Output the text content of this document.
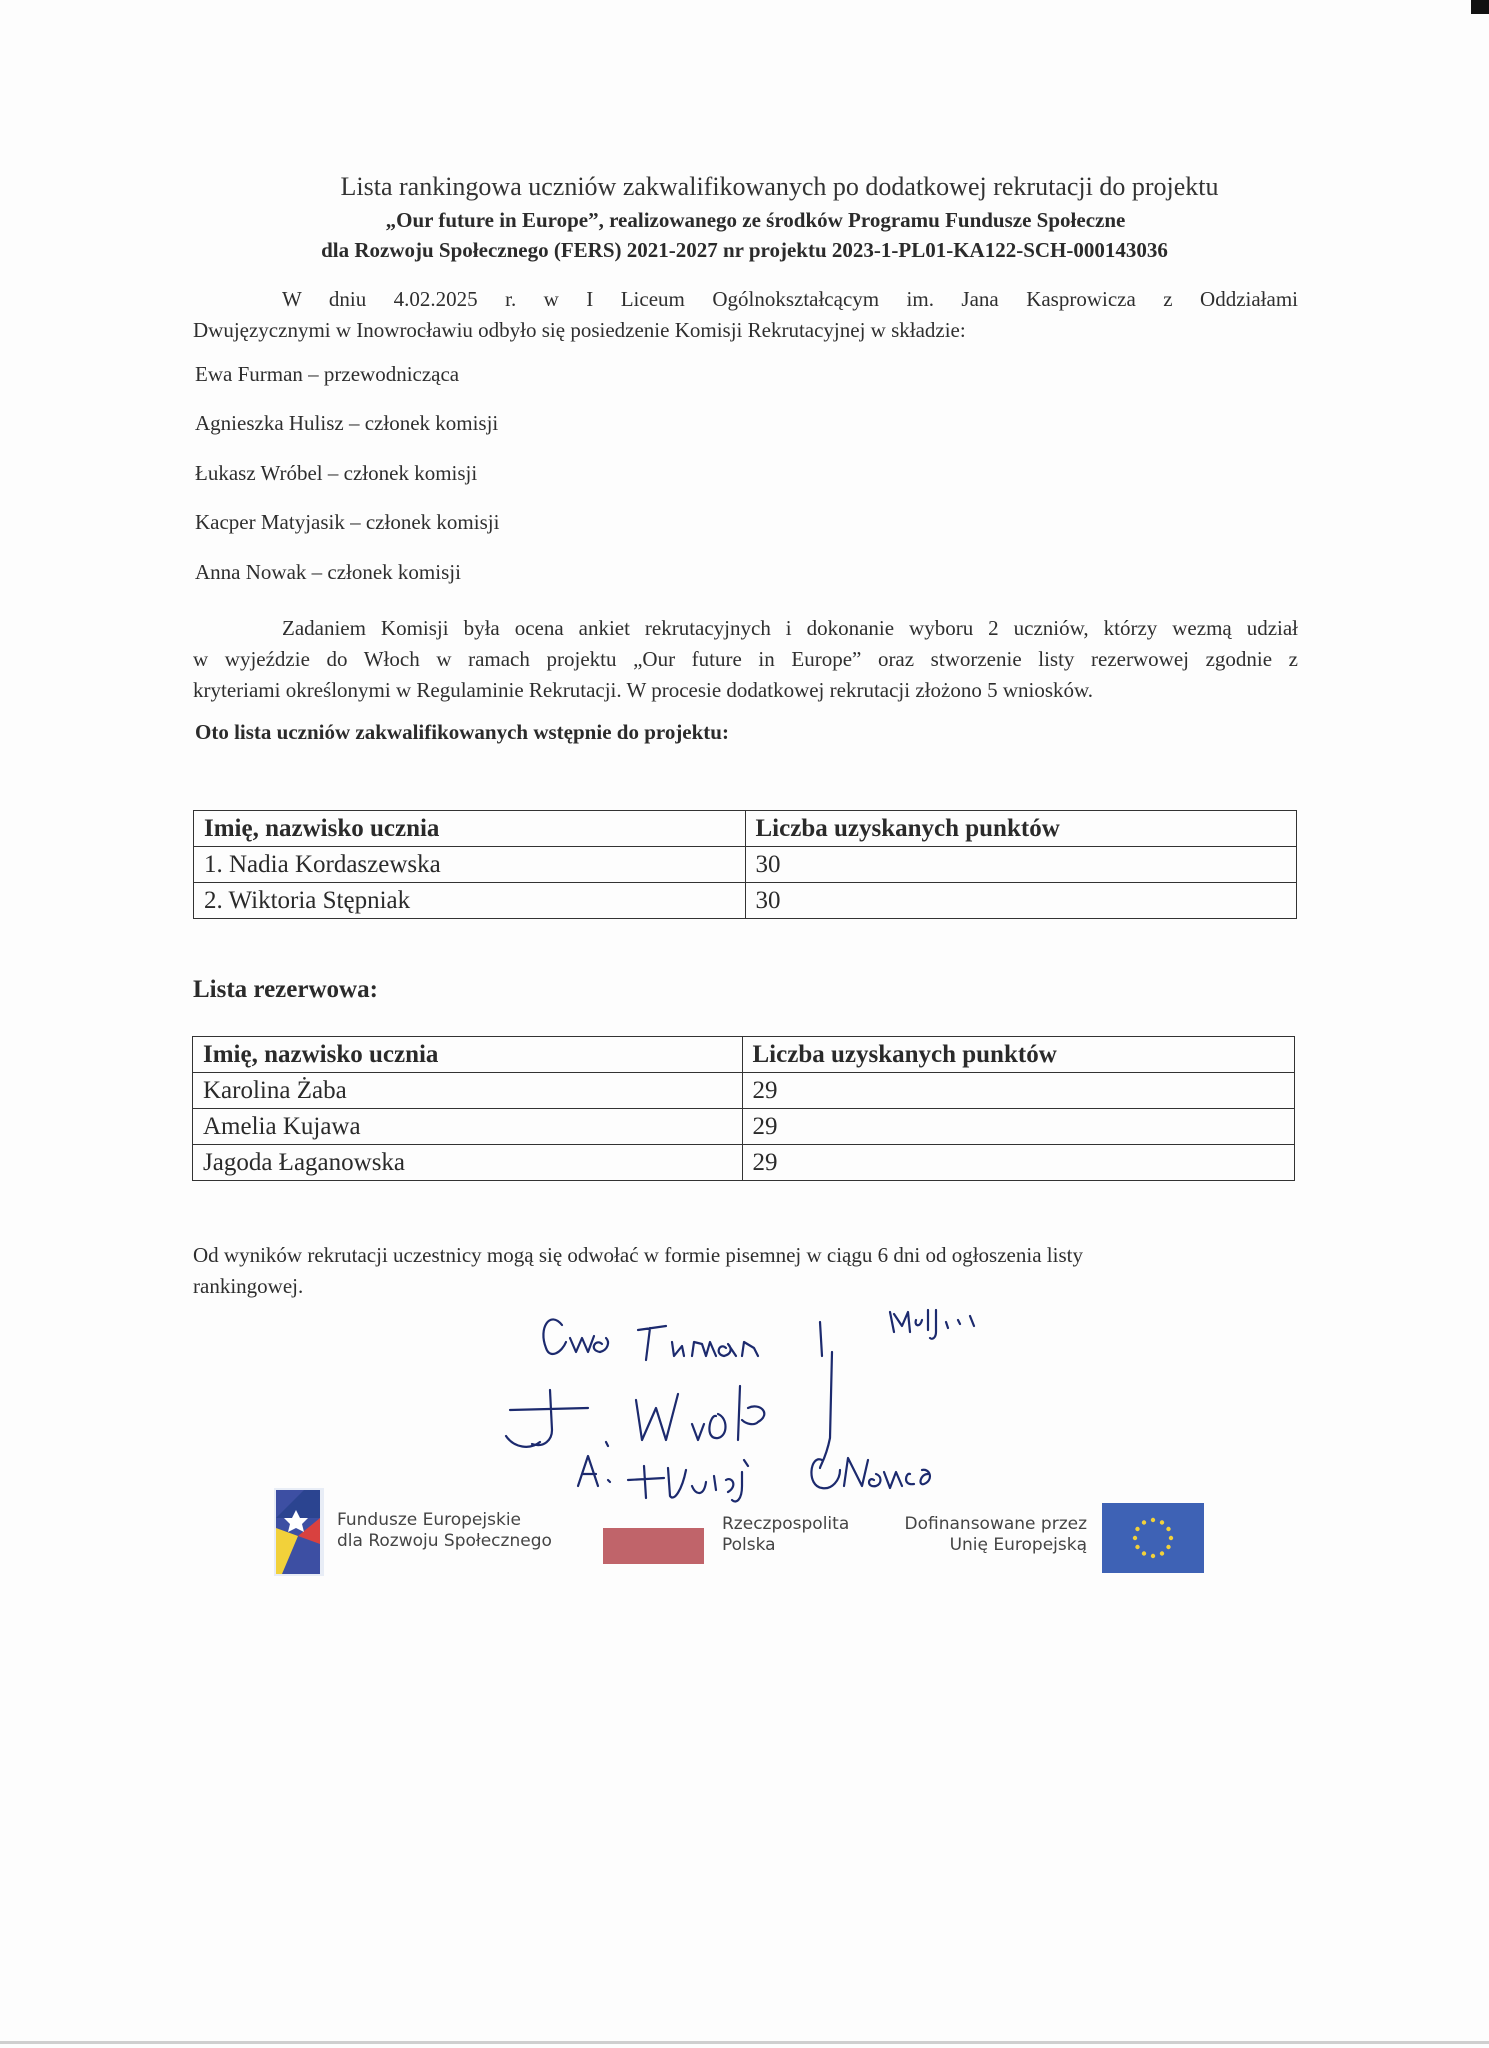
Lista rankingowa uczniów zakwalifikowanych po dodatkowej rekrutacji do projektu
„Our future in Europe”, realizowanego ze środków Programu Fundusze Społeczne
dla Rozwoju Społecznego (FERS) 2021-2027 nr projektu 2023-1-PL01-KA122-SCH-000143036
W dniu 4.02.2025 r. w I Liceum Ogólnokształcącym im. Jana Kasprowicza z Oddziałami
Dwujęzycznymi w Inowrocławiu odbyło się posiedzenie Komisji Rekrutacyjnej w składzie:
Ewa Furman – przewodnicząca
Agnieszka Hulisz – członek komisji
Łukasz Wróbel – członek komisji
Kacper Matyjasik – członek komisji
Anna Nowak – członek komisji
Zadaniem Komisji była ocena ankiet rekrutacyjnych i dokonanie wyboru 2 uczniów, którzy wezmą udział
w wyjeździe do Włoch w ramach projektu „Our future in Europe” oraz stworzenie listy rezerwowej zgodnie z
kryteriami określonymi w Regulaminie Rekrutacji. W procesie dodatkowej rekrutacji złożono 5 wniosków.
Oto lista uczniów zakwalifikowanych wstępnie do projektu:
Imię, nazwisko ucznia	Liczba uzyskanych punktów
1. Nadia Kordaszewska	30
2. Wiktoria Stępniak	30
Lista rezerwowa:
Imię, nazwisko ucznia	Liczba uzyskanych punktów
Karolina Żaba	29
Amelia Kujawa	29
Jagoda Łaganowska	29
Od wyników rekrutacji uczestnicy mogą się odwołać w formie pisemnej w ciągu 6 dni od ogłoszenia listy
rankingowej.
Fundusze Europejskie
dla Rozwoju Społecznego
Rzeczpospolita
Polska
Dofinansowane przez
Unię Europejską
